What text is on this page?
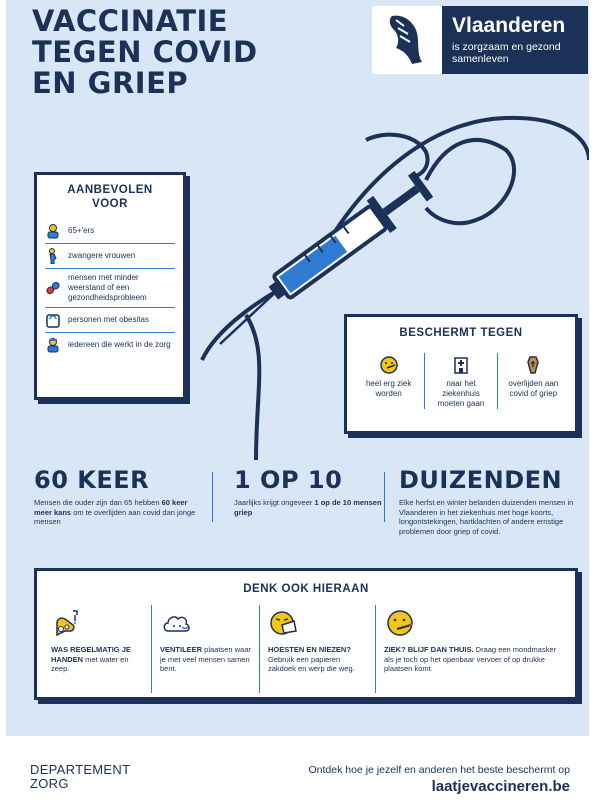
VACCINATIE
TEGEN COVID
EN GRIEP
Vlaanderen
is zorgzaam en gezond samenleven
AANBEVOLEN
VOOR
65+'ers
zwangere vrouwen
mensen met minder weerstand of een gezondheidsprobleem
personen met obesitas
iedereen die werkt in de zorg
BESCHERMT TEGEN
heel erg ziek worden
naar het ziekenhuis moeten gaan
overlijden aan covid of griep
60 KEER
Mensen die ouder zijn dan 65 hebben 60 keer meer kans om te overlijden aan covid dan jonge mensen
1 OP 10
Jaarlijks krijgt ongeveer 1 op de 10 mensen griep
DUIZENDEN
Elke herfst en winter belanden duizenden mensen in Vlaanderen in het ziekenhuis met hoge koorts, longontstekingen, hartklachten of andere ernstige problemen door griep of covid.
DENK OOK HIERAAN
WAS REGELMATIG JE HANDEN met water en zeep.
VENTILEER plaatsen waar je met veel mensen samen bent.
HOESTEN EN NIEZEN? Gebruik een papieren zakdoek en werp die weg.
ZIEK? BLIJF DAN THUIS. Draag een mondmasker als je toch op het openbaar vervoer of op drukke plaatsen komt.
DEPARTEMENT
ZORG
Ontdek hoe je jezelf en anderen het beste beschermt op
laatjevaccineren.be
